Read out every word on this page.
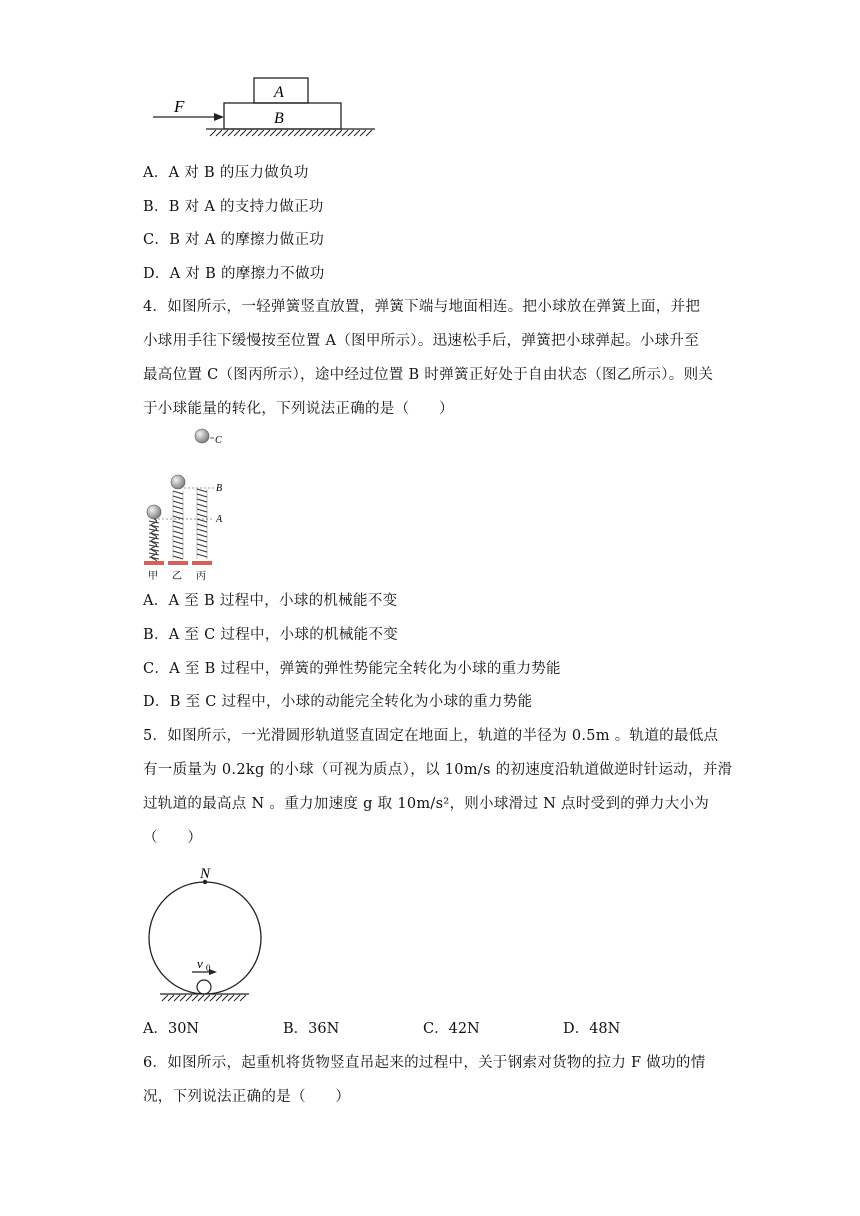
F
A
B
A．A 对 B 的压力做负功
B．B 对 A 的支持力做正功
C．B 对 A 的摩擦力做正功
D．A 对 B 的摩擦力不做功
4．如图所示，一轻弹簧竖直放置，弹簧下端与地面相连。把小球放在弹簧上面，并把
小球用手往下缓慢按至位置 A（图甲所示）。迅速松手后，弹簧把小球弹起。小球升至
最高位置 C（图丙所示），途中经过位置 B 时弹簧正好处于自由状态（图乙所示）。则关
于小球能量的转化，下列说法正确的是（　　）
C
B
A
甲 乙 丙
A．A 至 B 过程中，小球的机械能不变
B．A 至 C 过程中，小球的机械能不变
C．A 至 B 过程中，弹簧的弹性势能完全转化为小球的重力势能
D．B 至 C 过程中，小球的动能完全转化为小球的重力势能
5．如图所示，一光滑圆形轨道竖直固定在地面上，轨道的半径为 0.5m 。轨道的最低点
有一质量为 0.2kg 的小球（可视为质点），以 10m/s 的初速度沿轨道做逆时针运动，并滑
过轨道的最高点 N 。重力加速度 g 取 10m/s²，则小球滑过 N 点时受到的弹力大小为
（　　）
N
v 0
A．30N	B．36N	C．42N	D．48N
6．如图所示，起重机将货物竖直吊起来的过程中，关于钢索对货物的拉力 F 做功的情
况，下列说法正确的是（　　）
